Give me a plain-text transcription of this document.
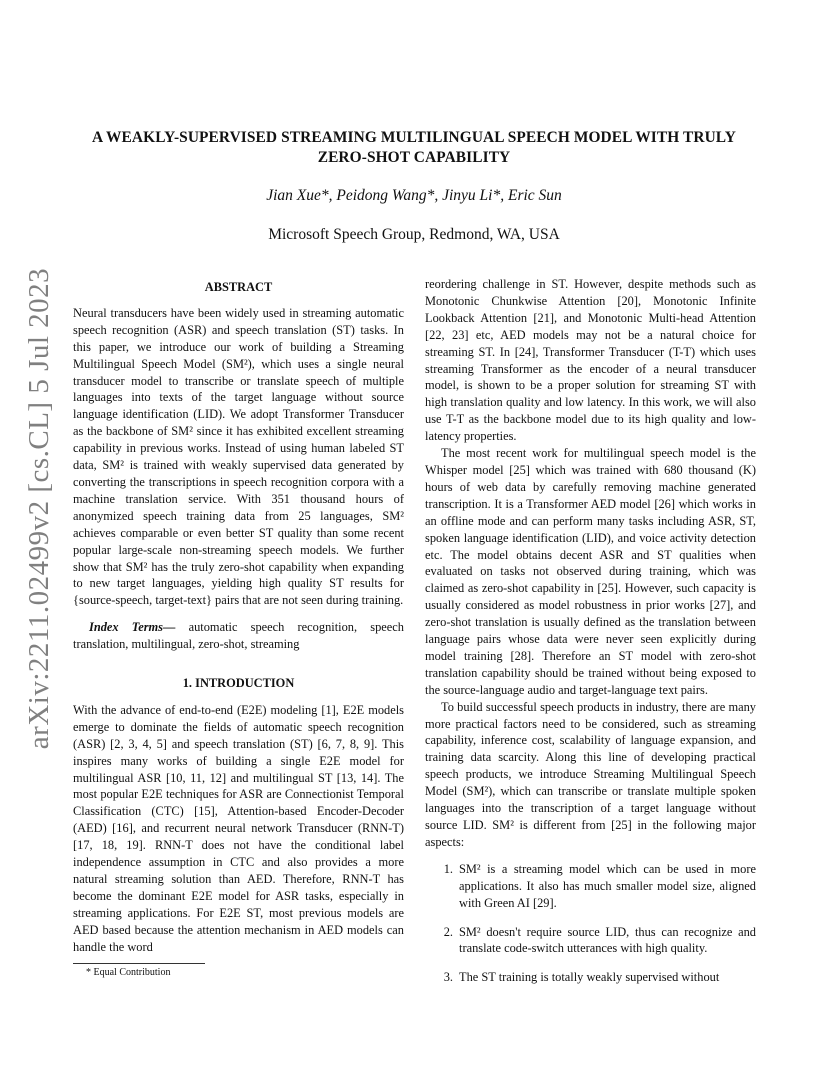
arXiv:2211.02499v2 [cs.CL] 5 Jul 2023
A WEAKLY-SUPERVISED STREAMING MULTILINGUAL SPEECH MODEL WITH TRULY
ZERO-SHOT CAPABILITY
Jian Xue*, Peidong Wang*, Jinyu Li*, Eric Sun
Microsoft Speech Group, Redmond, WA, USA
ABSTRACT

Neural transducers have been widely used in streaming automatic speech recognition (ASR) and speech translation (ST) tasks. In this paper, we introduce our work of building a Streaming Multilingual Speech Model (SM²), which uses a single neural transducer model to transcribe or translate speech of multiple languages into texts of the target language without source language identification (LID). We adopt Transformer Transducer as the backbone of SM² since it has exhibited excellent streaming capability in previous works. Instead of using human labeled ST data, SM² is trained with weakly supervised data generated by converting the transcriptions in speech recognition corpora with a machine translation service. With 351 thousand hours of anonymized speech training data from 25 languages, SM² achieves comparable or even better ST quality than some recent popular large-scale non-streaming speech models. We further show that SM² has the truly zero-shot capability when expanding to new target languages, yielding high quality ST results for {source-speech, target-text} pairs that are not seen during training.

Index Terms— automatic speech recognition, speech translation, multilingual, zero-shot, streaming

1. INTRODUCTION

With the advance of end-to-end (E2E) modeling [1], E2E models emerge to dominate the fields of automatic speech recognition (ASR) [2, 3, 4, 5] and speech translation (ST) [6, 7, 8, 9]. This inspires many works of building a single E2E model for multilingual ASR [10, 11, 12] and multilingual ST [13, 14]. The most popular E2E techniques for ASR are Connectionist Temporal Classification (CTC) [15], Attention-based Encoder-Decoder (AED) [16], and recurrent neural network Transducer (RNN-T) [17, 18, 19]. RNN-T does not have the conditional label independence assumption in CTC and also provides a more natural streaming solution than AED. Therefore, RNN-T has become the dominant E2E model for ASR tasks, especially in streaming applications. For E2E ST, most previous models are AED based because the attention mechanism in AED models can handle the word

reordering challenge in ST. However, despite methods such as Monotonic Chunkwise Attention [20], Monotonic Infinite Lookback Attention [21], and Monotonic Multi-head Attention [22, 23] etc, AED models may not be a natural choice for streaming ST. In [24], Transformer Transducer (T-T) which uses streaming Transformer as the encoder of a neural transducer model, is shown to be a proper solution for streaming ST with high translation quality and low latency. In this work, we will also use T-T as the backbone model due to its high quality and low-latency properties.

The most recent work for multilingual speech model is the Whisper model [25] which was trained with 680 thousand (K) hours of web data by carefully removing machine generated transcription. It is a Transformer AED model [26] which works in an offline mode and can perform many tasks including ASR, ST, spoken language identification (LID), and voice activity detection etc. The model obtains decent ASR and ST qualities when evaluated on tasks not observed during training, which was claimed as zero-shot capability in [25]. However, such capacity is usually considered as model robustness in prior works [27], and zero-shot translation is usually defined as the translation between language pairs whose data were never seen explicitly during model training [28]. Therefore an ST model with zero-shot translation capability should be trained without being exposed to the source-language audio and target-language text pairs.

To build successful speech products in industry, there are many more practical factors need to be considered, such as streaming capability, inference cost, scalability of language expansion, and training data scarcity. Along this line of developing practical speech products, we introduce Streaming Multilingual Speech Model (SM²), which can transcribe or translate multiple spoken languages into the transcription of a target language without source LID. SM² is different from [25] in the following major aspects:

1. SM² is a streaming model which can be used in more applications. It also has much smaller model size, aligned with Green AI [29].
2. SM² doesn't require source LID, thus can recognize and translate code-switch utterances with high quality.
3. The ST training is totally weakly supervised without
* Equal Contribution
